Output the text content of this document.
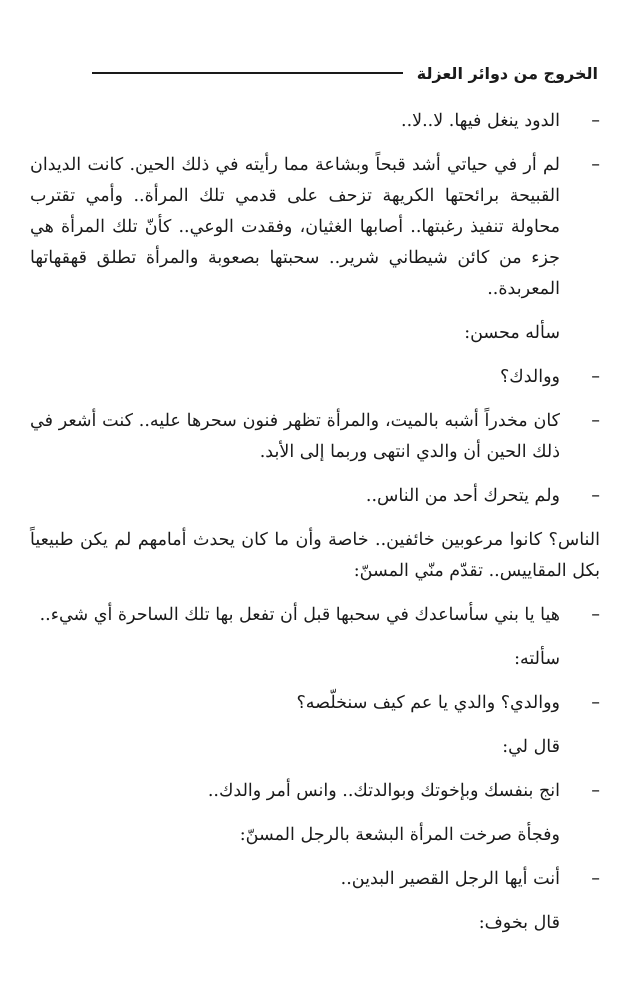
الخروج من دوائر العزلة
–
الدود ينغل فيها. لا..لا..
–
لم أر في حياتي أشد قبحاً وبشاعة مما رأيته في ذلك الحين. كانت الديدان القبيحة برائحتها الكريهة تزحف على قدمي تلك المرأة.. وأمي تقترب محاولة تنفيذ رغبتها.. أصابها الغثيان، وفقدت الوعي.. كأنّ تلك المرأة هي جزء من كائن شيطاني شرير.. سحبتها بصعوبة والمرأة تطلق قهقهاتها المعربدة..
سأله محسن:
–
ووالدك؟
–
كان مخدراً أشبه بالميت، والمرأة تظهر فنون سحرها عليه.. كنت أشعر في ذلك الحين أن والدي انتهى وربما إلى الأبد.
–
ولم يتحرك أحد من الناس..
الناس؟ كانوا مرعوبين خائفين.. خاصة وأن ما كان يحدث أمامهم لم يكن طبيعياً بكل المقاييس.. تقدّم منّي المسنّ:
–
هيا يا بني سأساعدك في سحبها قبل أن تفعل بها تلك الساحرة أي شيء..
سألته:
–
ووالدي؟ والدي يا عم كيف سنخلّصه؟
قال لي:
–
انج بنفسك وبإخوتك وبوالدتك.. وانس أمر والدك..
وفجأة صرخت المرأة البشعة بالرجل المسنّ:
–
أنت أيها الرجل القصير البدين..
قال بخوف:
